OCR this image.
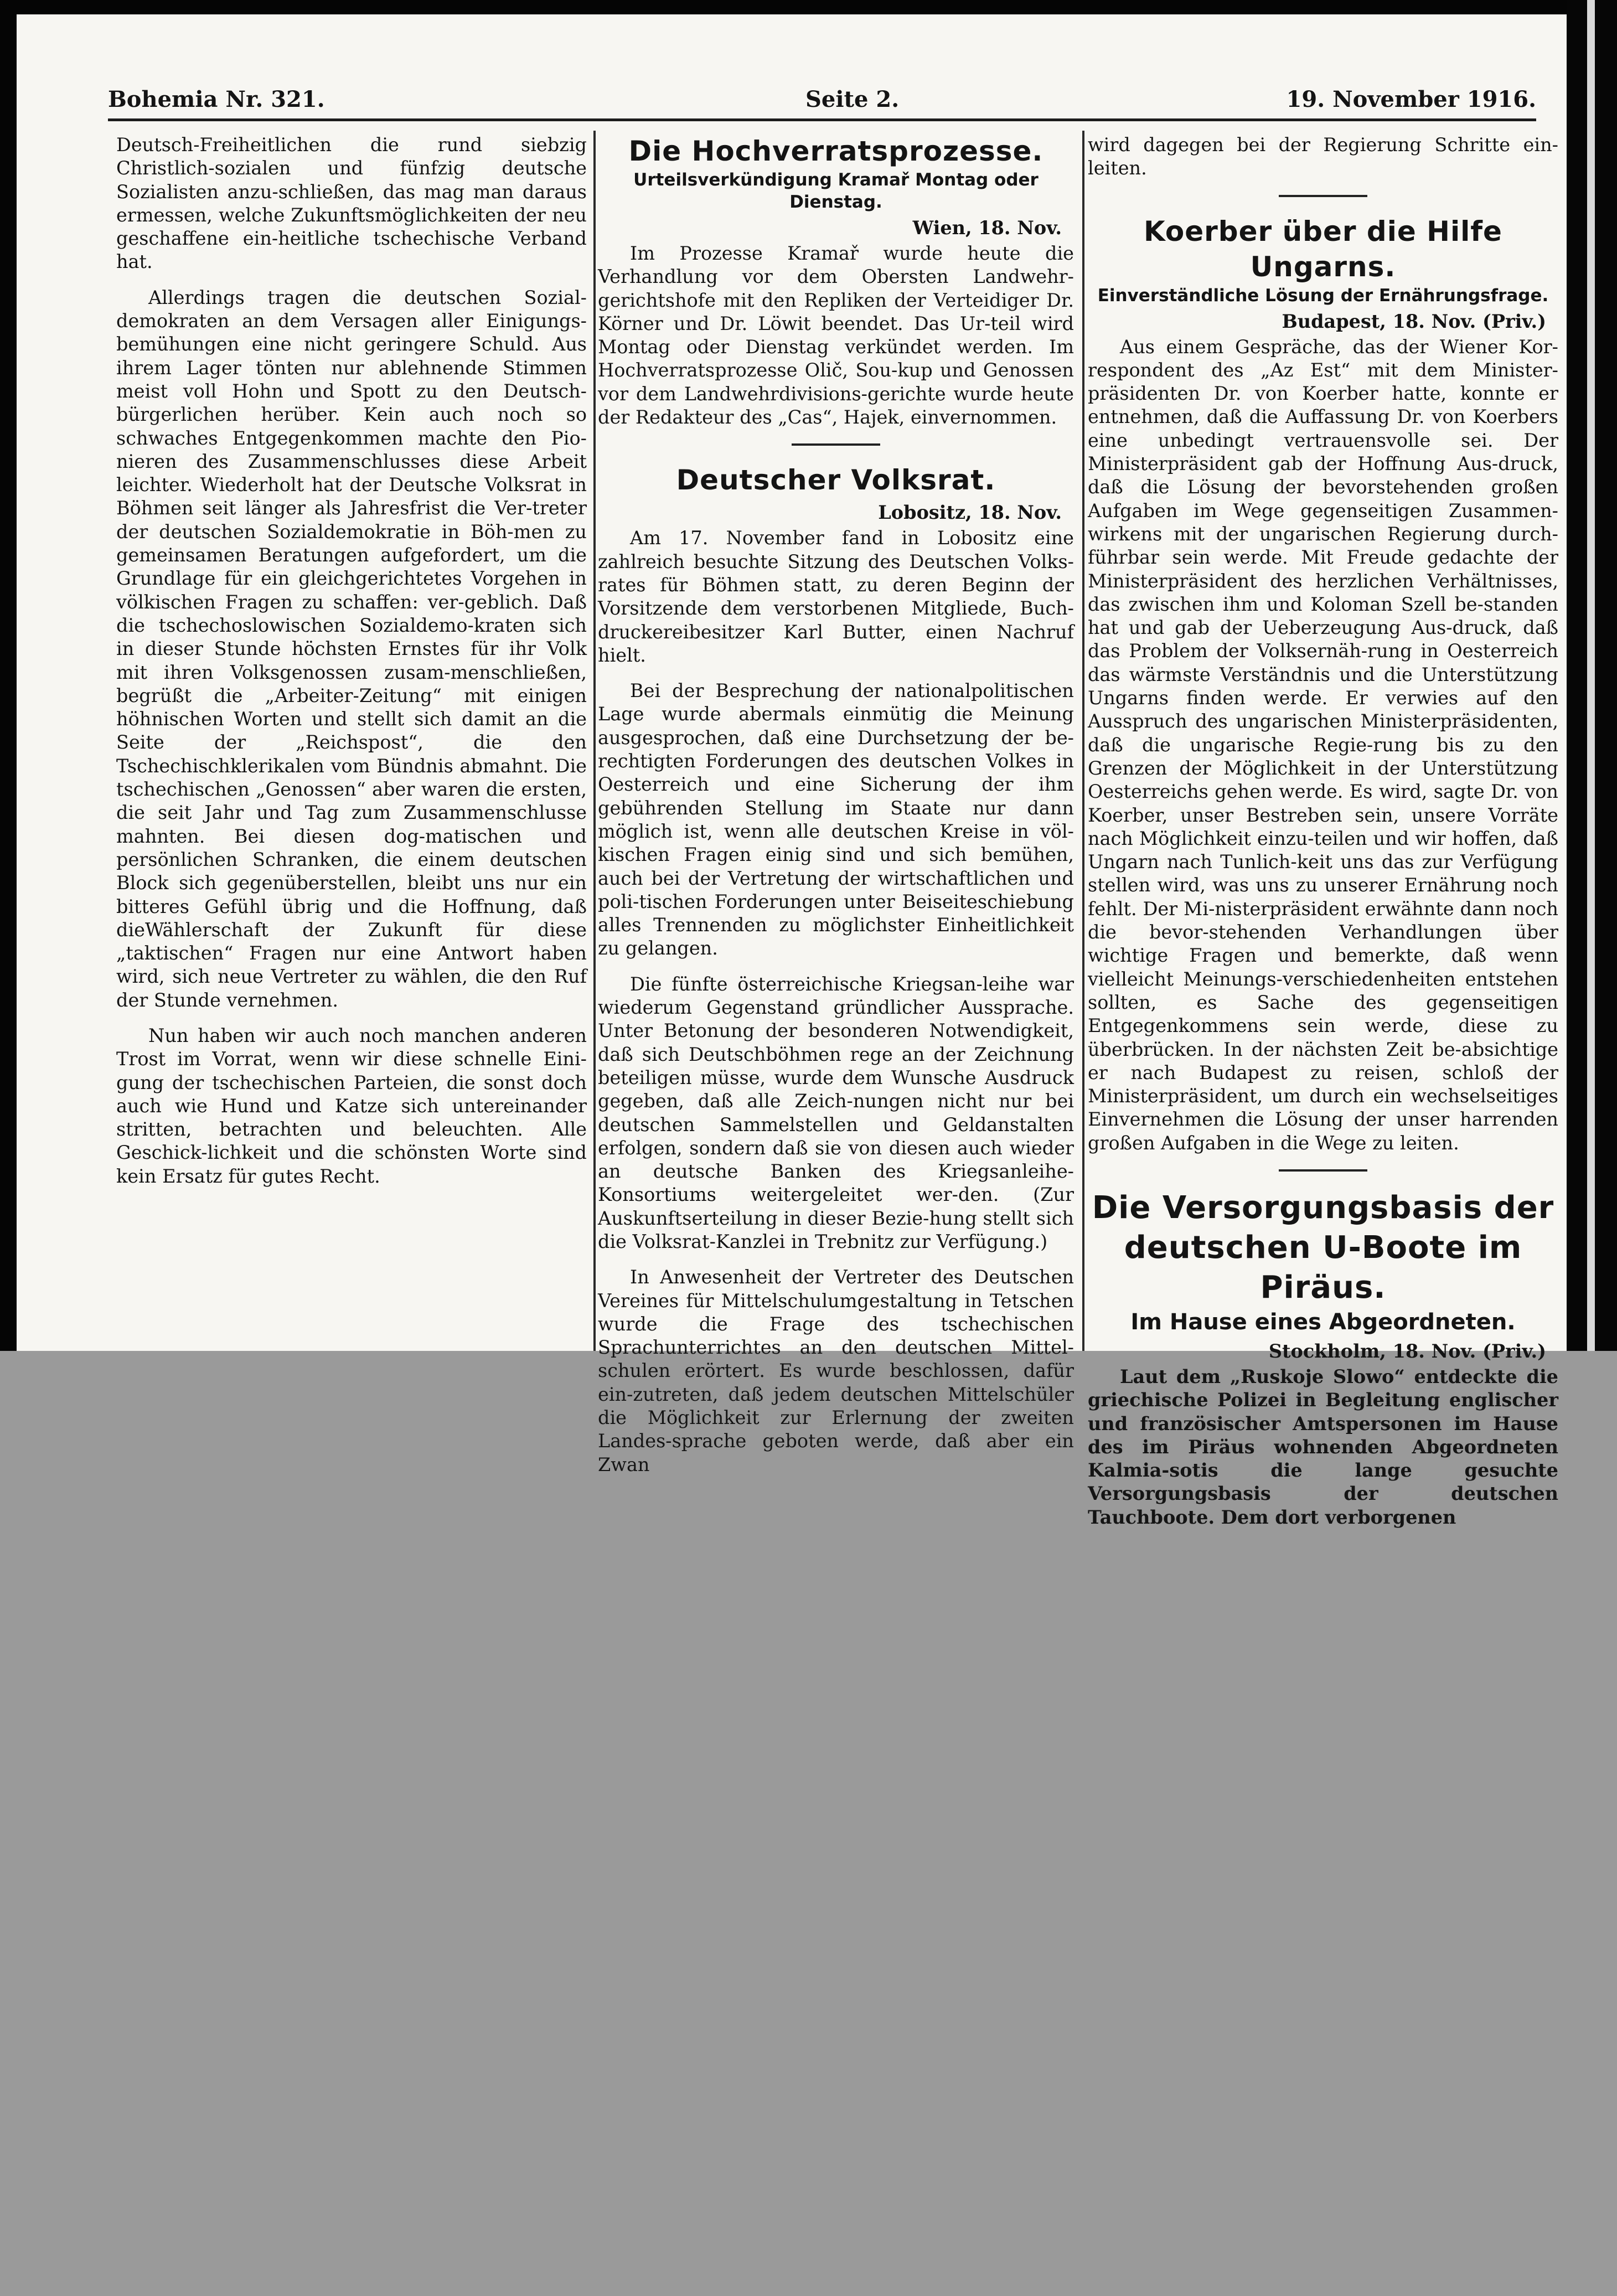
Bohemia Nr. 321.	Seite 2.	19. November 1916.

Deutsch-Freiheitlichen die rund siebzig Christlich-sozialen und fünfzig deutsche Sozialisten anzu-schließen, das mag man daraus ermessen, welche Zukunftsmöglichkeiten der neu geschaffene ein-heitliche tschechische Verband hat.

Allerdings tragen die deutschen Sozial-demokraten an dem Versagen aller Einigungs-bemühungen eine nicht geringere Schuld. Aus ihrem Lager tönten nur ablehnende Stimmen meist voll Hohn und Spott zu den Deutsch-bürgerlichen herüber. Kein auch noch so schwaches Entgegenkommen machte den Pio-nieren des Zusammenschlusses diese Arbeit leichter. Wiederholt hat der Deutsche Volksrat in Böhmen seit länger als Jahresfrist die Ver-treter der deutschen Sozialdemokratie in Böh-men zu gemeinsamen Beratungen aufgefordert, um die Grundlage für ein gleichgerichtetes Vorgehen in völkischen Fragen zu schaffen: ver-geblich. Daß die tschechoslowischen Sozialdemo-kraten sich in dieser Stunde höchsten Ernstes für ihr Volk mit ihren Volksgenossen zusam-menschließen, begrüßt die „Arbeiter-Zeitung“ mit einigen höhnischen Worten und stellt sich damit an die Seite der „Reichspost“, die den Tschechischklerikalen vom Bündnis abmahnt. Die tschechischen „Genossen“ aber waren die ersten, die seit Jahr und Tag zum Zusammenschlusse mahnten. Bei diesen dog-matischen und persönlichen Schranken, die einem deutschen Block sich gegenüberstellen, bleibt uns nur ein bitteres Gefühl übrig und die Hoffnung, daß dieWählerschaft der Zukunft für diese „taktischen“ Fragen nur eine Antwort haben wird, sich neue Vertreter zu wählen, die den Ruf der Stunde vernehmen.

Nun haben wir auch noch manchen anderen Trost im Vorrat, wenn wir diese schnelle Eini-gung der tschechischen Parteien, die sonst doch auch wie Hund und Katze sich untereinander stritten, betrachten und beleuchten. Alle Geschick-lichkeit und die schönsten Worte sind kein Ersatz für gutes Recht.

Die Hochverratsprozesse.
Urteilsverkündigung Kramař Montag oder Dienstag.
Wien, 18. Nov.

Im Prozesse Kramař wurde heute die Verhandlung vor dem Obersten Landwehr-gerichtshofe mit den Repliken der Verteidiger Dr. Körner und Dr. Löwit beendet. Das Ur-teil wird Montag oder Dienstag verkündet werden. Im Hochverratsprozesse Olič, Sou-kup und Genossen vor dem Landwehrdivisions-gerichte wurde heute der Redakteur des „Cas“, Hajek, einvernommen.

Deutscher Volksrat.
Lobositz, 18. Nov.

Am 17. November fand in Lobositz eine zahlreich besuchte Sitzung des Deutschen Volks-rates für Böhmen statt, zu deren Beginn der Vorsitzende dem verstorbenen Mitgliede, Buch-druckereibesitzer Karl Butter, einen Nachruf hielt.

Bei der Besprechung der nationalpolitischen Lage wurde abermals einmütig die Meinung ausgesprochen, daß eine Durchsetzung der be-rechtigten Forderungen des deutschen Volkes in Oesterreich und eine Sicherung der ihm gebührenden Stellung im Staate nur dann möglich ist, wenn alle deutschen Kreise in völ-kischen Fragen einig sind und sich bemühen, auch bei der Vertretung der wirtschaftlichen und poli-tischen Forderungen unter Beiseiteschiebung alles Trennenden zu möglichster Einheitlichkeit zu gelangen.

Die fünfte österreichische Kriegsan-leihe war wiederum Gegenstand gründlicher Aussprache. Unter Betonung der besonderen Notwendigkeit, daß sich Deutschböhmen rege an der Zeichnung beteiligen müsse, wurde dem Wunsche Ausdruck gegeben, daß alle Zeich-nungen nicht nur bei deutschen Sammelstellen und Geldanstalten erfolgen, sondern daß sie von diesen auch wieder an deutsche Banken des Kriegsanleihe-Konsortiums weitergeleitet wer-den. (Zur Auskunftserteilung in dieser Bezie-hung stellt sich die Volksrat-Kanzlei in Trebnitz zur Verfügung.)

In Anwesenheit der Vertreter des Deutschen Vereines für Mittelschulumgestaltung in Tetschen wurde die Frage des tschechischen Sprachunterrichtes an den deutschen Mittel-schulen erörtert. Es wurde beschlossen, dafür ein-zutreten, daß jedem deutschen Mittelschüler die Möglichkeit zur Erlernung der zweiten Landes-sprache geboten werde, daß aber ein Zwan

wird dagegen bei der Regierung Schritte ein-leiten.

Koerber über die Hilfe Ungarns.
Einverständliche Lösung der Ernährungsfrage.
Budapest, 18. Nov. (Priv.)

Aus einem Gespräche, das der Wiener Kor-respondent des „Az Est“ mit dem Minister-präsidenten Dr. von Koerber hatte, konnte er entnehmen, daß die Auffassung Dr. von Koerbers eine unbedingt vertrauensvolle sei. Der Ministerpräsident gab der Hoffnung Aus-druck, daß die Lösung der bevorstehenden großen Aufgaben im Wege gegenseitigen Zusammen-wirkens mit der ungarischen Regierung durch-führbar sein werde. Mit Freude gedachte der Ministerpräsident des herzlichen Verhältnisses, das zwischen ihm und Koloman Szell be-standen hat und gab der Ueberzeugung Aus-druck, daß das Problem der Volksernäh-rung in Oesterreich das wärmste Verständnis und die Unterstützung Ungarns finden werde. Er verwies auf den Ausspruch des ungarischen Ministerpräsidenten, daß die ungarische Regie-rung bis zu den Grenzen der Möglichkeit in der Unterstützung Oesterreichs gehen werde. Es wird, sagte Dr. von Koerber, unser Bestreben sein, unsere Vorräte nach Möglichkeit einzu-teilen und wir hoffen, daß Ungarn nach Tunlich-keit uns das zur Verfügung stellen wird, was uns zu unserer Ernährung noch fehlt. Der Mi-nisterpräsident erwähnte dann noch die bevor-stehenden Verhandlungen über wichtige Fragen und bemerkte, daß wenn vielleicht Meinungs-verschiedenheiten entstehen sollten, es Sache des gegenseitigen Entgegenkommens sein werde, diese zu überbrücken. In der nächsten Zeit be-absichtige er nach Budapest zu reisen, schloß der Ministerpräsident, um durch ein wechselseitiges Einvernehmen die Lösung der unser harrenden großen Aufgaben in die Wege zu leiten.

Die Versorgungsbasis der deutschen U-Boote im Piräus.
Im Hause eines Abgeordneten.
Stockholm, 18. Nov. (Priv.)

Laut dem „Ruskoje Slowo“ entdeckte die griechische Polizei in Begleitung englischer und französischer Amtspersonen im Hause des im Piräus wohnenden Abgeordneten Kalmia-sotis die lange gesuchte Versorgungsbasis der deutschen Tauchboote. Dem dort verborgenen
